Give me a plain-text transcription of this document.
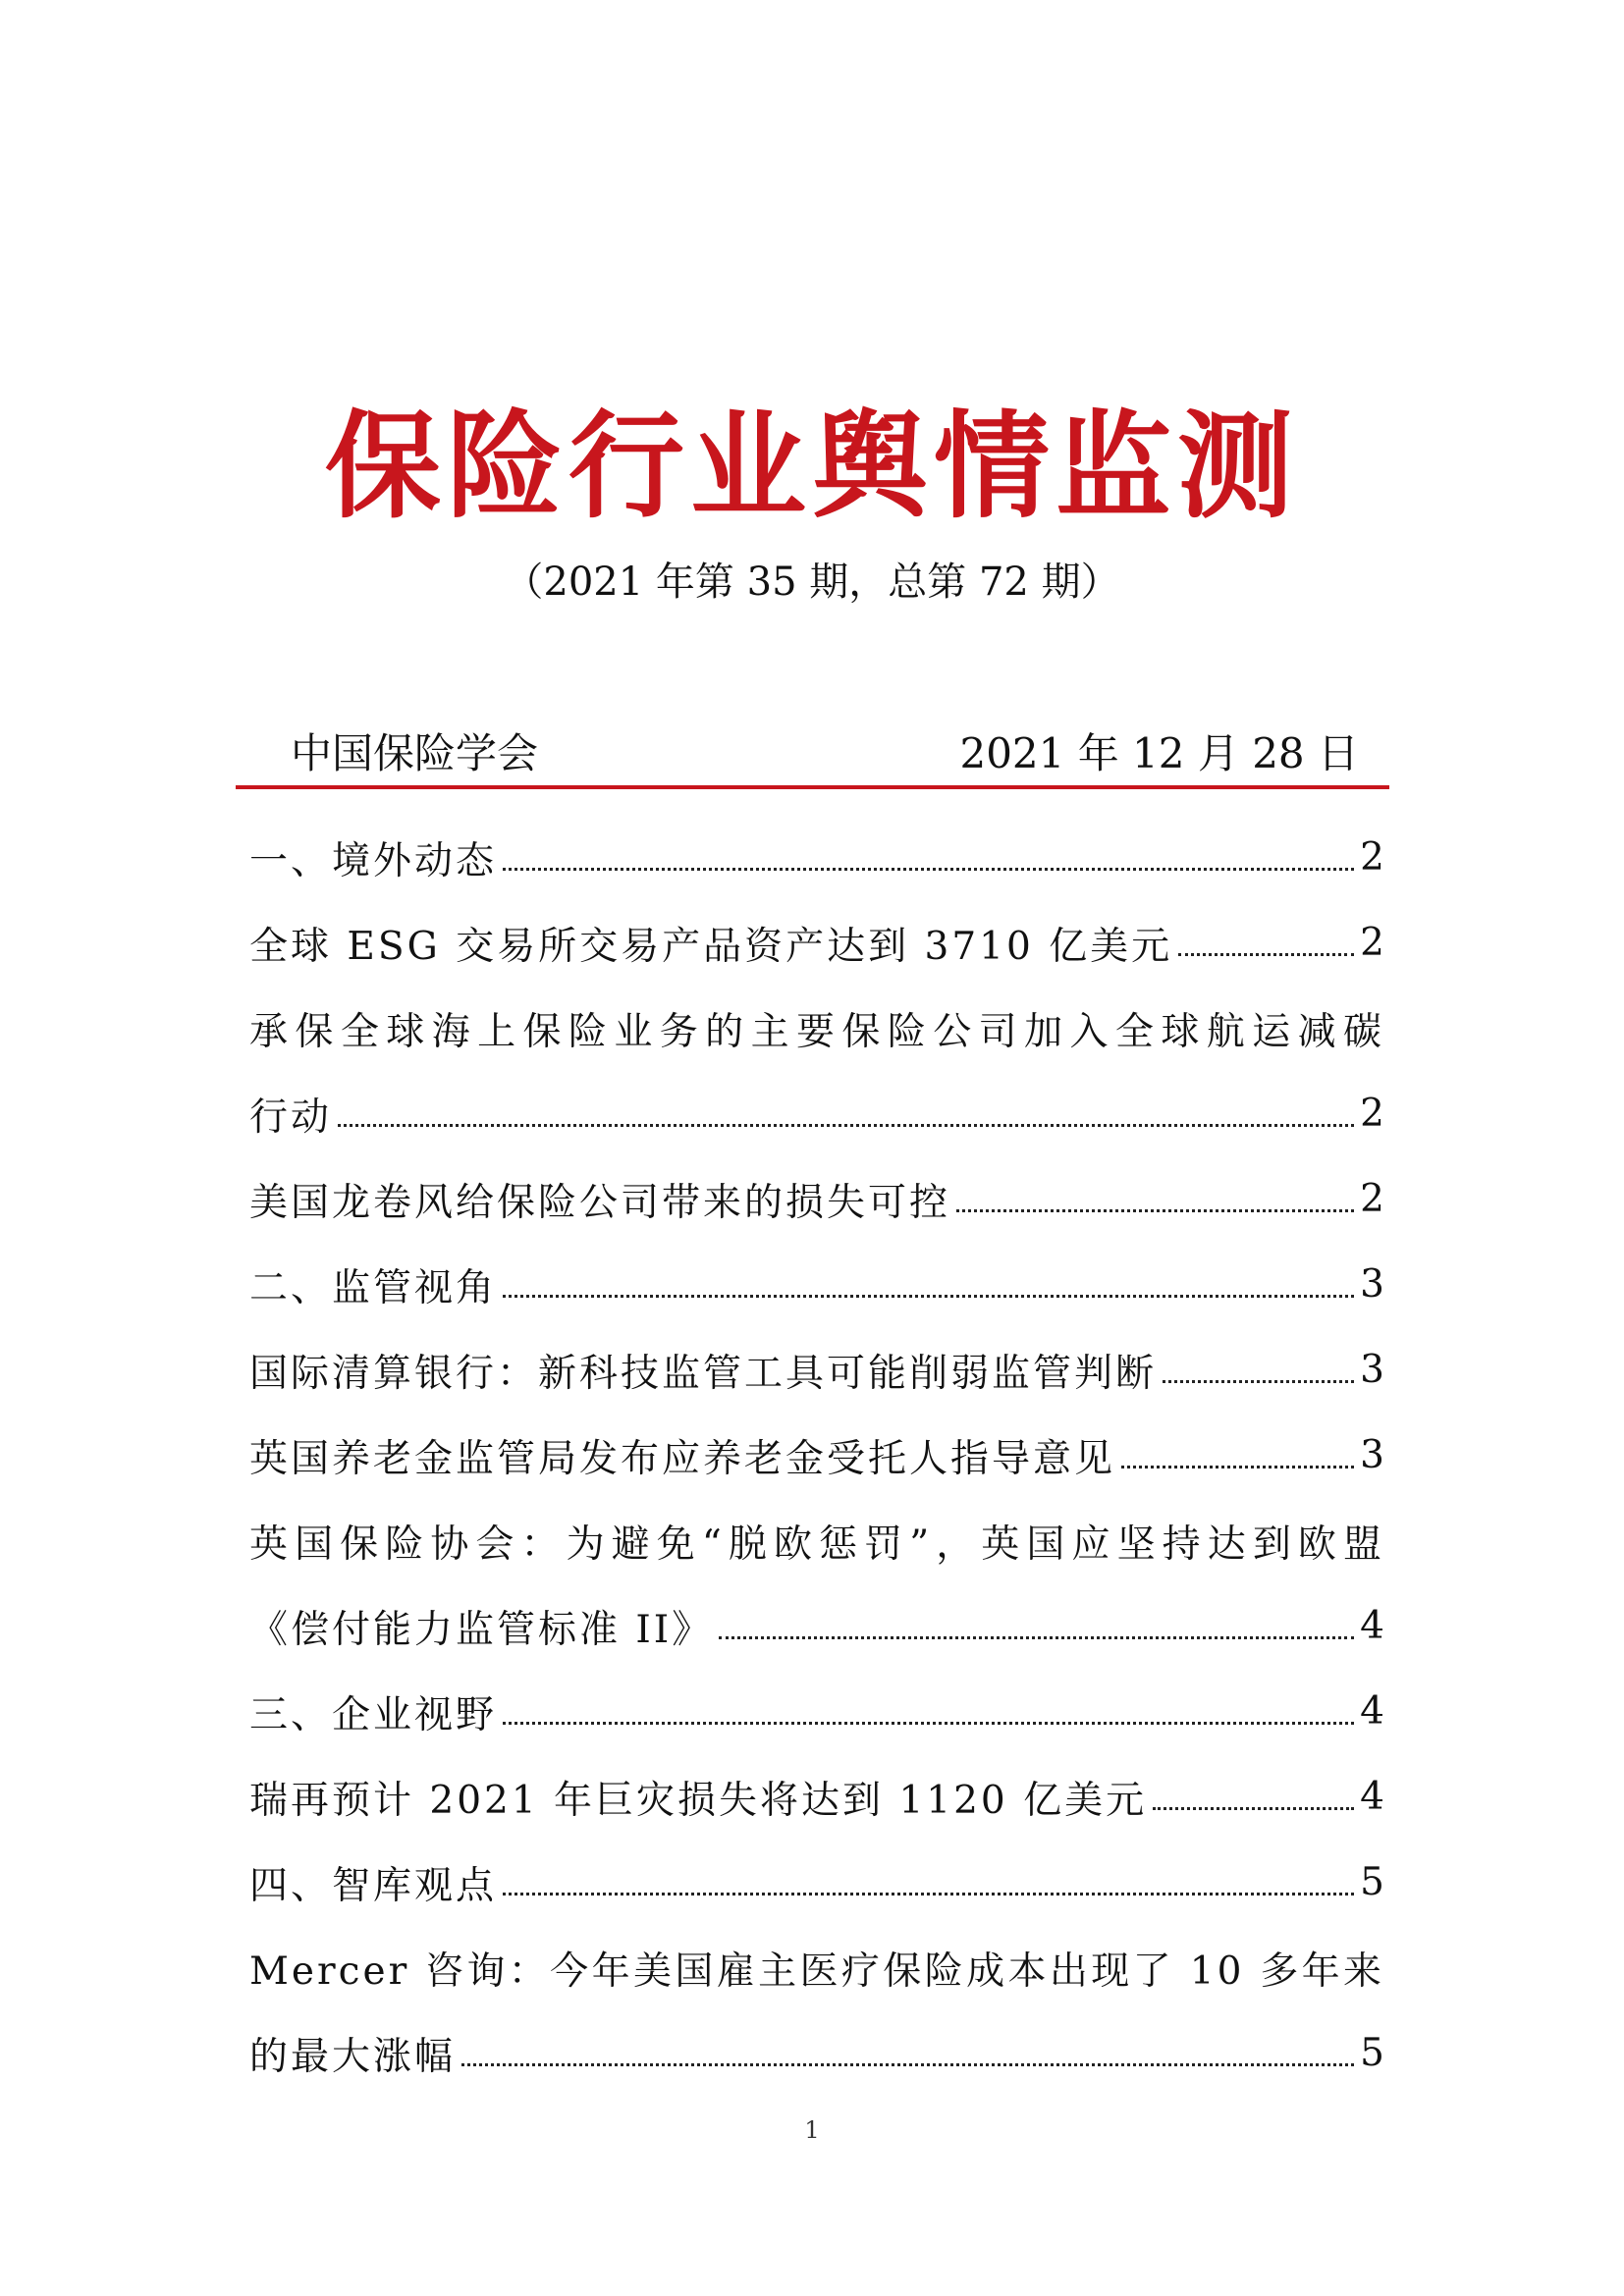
保险行业舆情监测
（2021 年第 35 期，总第 72 期）
中国保险学会	2021 年 12 月 28 日
一、境外动态	2
全球 ESG 交易所交易产品资产达到 3710 亿美元	2
承保全球海上保险业务的主要保险公司加入全球航运减碳
行动	2
美国龙卷风给保险公司带来的损失可控	2
二、监管视角	3
国际清算银行：新科技监管工具可能削弱监管判断	3
英国养老金监管局发布应养老金受托人指导意见	3
英国保险协会：为避免“脱欧惩罚”，英国应坚持达到欧盟
《偿付能力监管标准 II》	4
三、企业视野	4
瑞再预计 2021 年巨灾损失将达到 1120 亿美元	4
四、智库观点	5
Mercer 咨询：今年美国雇主医疗保险成本出现了 10 多年来
的最大涨幅	5
1
